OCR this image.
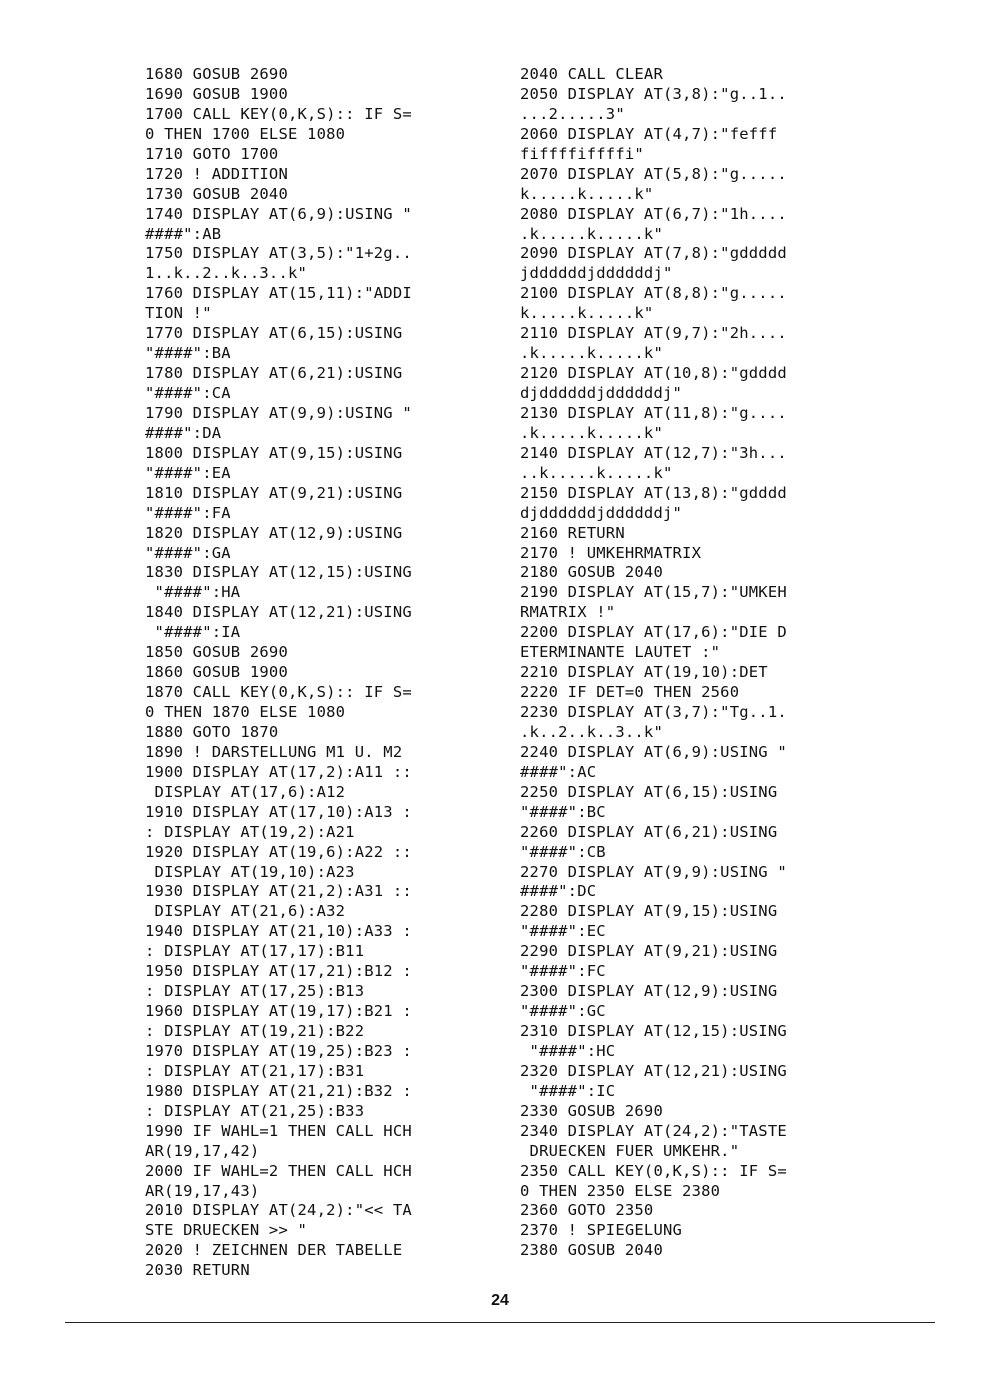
1680 GOSUB 2690
1690 GOSUB 1900
1700 CALL KEY(0,K,S):: IF S=
0 THEN 1700 ELSE 1080
1710 GOTO 1700
1720 ! ADDITION
1730 GOSUB 2040
1740 DISPLAY AT(6,9):USING "
####":AB
1750 DISPLAY AT(3,5):"1+2g..
1..k..2..k..3..k"
1760 DISPLAY AT(15,11):"ADDI
TION !"
1770 DISPLAY AT(6,15):USING
"####":BA
1780 DISPLAY AT(6,21):USING
"####":CA
1790 DISPLAY AT(9,9):USING "
####":DA
1800 DISPLAY AT(9,15):USING
"####":EA
1810 DISPLAY AT(9,21):USING
"####":FA
1820 DISPLAY AT(12,9):USING
"####":GA
1830 DISPLAY AT(12,15):USING
"####":HA
1840 DISPLAY AT(12,21):USING
"####":IA
1850 GOSUB 2690
1860 GOSUB 1900
1870 CALL KEY(0,K,S):: IF S=
0 THEN 1870 ELSE 1080
1880 GOTO 1870
1890 ! DARSTELLUNG M1 U. M2
1900 DISPLAY AT(17,2):A11 ::
DISPLAY AT(17,6):A12
1910 DISPLAY AT(17,10):A13 :
: DISPLAY AT(19,2):A21
1920 DISPLAY AT(19,6):A22 ::
DISPLAY AT(19,10):A23
1930 DISPLAY AT(21,2):A31 ::
DISPLAY AT(21,6):A32
1940 DISPLAY AT(21,10):A33 :
: DISPLAY AT(17,17):B11
1950 DISPLAY AT(17,21):B12 :
: DISPLAY AT(17,25):B13
1960 DISPLAY AT(19,17):B21 :
: DISPLAY AT(19,21):B22
1970 DISPLAY AT(19,25):B23 :
: DISPLAY AT(21,17):B31
1980 DISPLAY AT(21,21):B32 :
: DISPLAY AT(21,25):B33
1990 IF WAHL=1 THEN CALL HCH
AR(19,17,42)
2000 IF WAHL=2 THEN CALL HCH
AR(19,17,43)
2010 DISPLAY AT(24,2):"<< TA
STE DRUECKEN >> "
2020 ! ZEICHNEN DER TABELLE
2030 RETURN
2040 CALL CLEAR
2050 DISPLAY AT(3,8):"g..1..
...2.....3"
2060 DISPLAY AT(4,7):"fefff
fiffffiffffi"
2070 DISPLAY AT(5,8):"g.....
k.....k.....k"
2080 DISPLAY AT(6,7):"1h....
.k.....k.....k"
2090 DISPLAY AT(7,8):"gddddd
jddddddjddddddj"
2100 DISPLAY AT(8,8):"g.....
k.....k.....k"
2110 DISPLAY AT(9,7):"2h....
.k.....k.....k"
2120 DISPLAY AT(10,8):"gdddd
djddddddjddddddj"
2130 DISPLAY AT(11,8):"g....
.k.....k.....k"
2140 DISPLAY AT(12,7):"3h...
..k.....k.....k"
2150 DISPLAY AT(13,8):"gdddd
djddddddjddddddj"
2160 RETURN
2170 ! UMKEHRMATRIX
2180 GOSUB 2040
2190 DISPLAY AT(15,7):"UMKEH
RMATRIX !"
2200 DISPLAY AT(17,6):"DIE D
ETERMINANTE LAUTET :"
2210 DISPLAY AT(19,10):DET
2220 IF DET=0 THEN 2560
2230 DISPLAY AT(3,7):"Tg..1.
.k..2..k..3..k"
2240 DISPLAY AT(6,9):USING "
####":AC
2250 DISPLAY AT(6,15):USING
"####":BC
2260 DISPLAY AT(6,21):USING
"####":CB
2270 DISPLAY AT(9,9):USING "
####":DC
2280 DISPLAY AT(9,15):USING
"####":EC
2290 DISPLAY AT(9,21):USING
"####":FC
2300 DISPLAY AT(12,9):USING
"####":GC
2310 DISPLAY AT(12,15):USING
"####":HC
2320 DISPLAY AT(12,21):USING
"####":IC
2330 GOSUB 2690
2340 DISPLAY AT(24,2):"TASTE
DRUECKEN FUER UMKEHR."
2350 CALL KEY(0,K,S):: IF S=
0 THEN 2350 ELSE 2380
2360 GOTO 2350
2370 ! SPIEGELUNG
2380 GOSUB 2040
24
